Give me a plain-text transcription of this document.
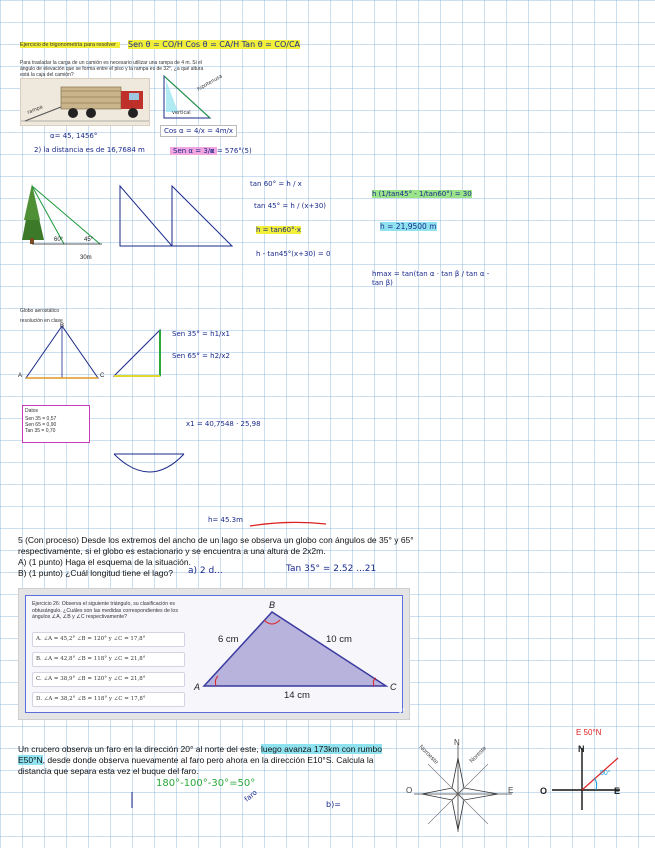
Ejercicio de trigonometría para resolver	Sen θ = CO/H Cos θ = CA/H Tan θ = CO/CA
Para trasladar la carga de un camión es necesario utilizar una rampa de 4 m. Si el ángulo de elevación que se forma entre el piso y la rampa es de 32°, ¿a qué altura está la caja del camión?
rampa
hipotenusa
vertical
Cos α = 4/x = 4m/x
α= 45, 1456°
2) la distancia es de 16,7684 m	Sen α = 3/x
α = 576°(5)
60°	45°
30m
tan 60° = h / x
tan 45° = h / (x+30)
h = tan60°·x
h - tan45°(x+30) = 0
h (1/tan45° - 1/tan60°) = 30
h = 21,9500 m
hmax = tan(tan α · tan β / tan α - tan β)
Globo aerostático
resolución en clase
A
B
C
Sen 35° = h1/x1
Sen 65° = h2/x2
Datos
Sen 35 = 0,57
Sen 65 = 0,90
Tan 35 = 0,70
x1 = 40,7548 · 25,98
h= 45.3m
5 (Con proceso) Desde los extremos del ancho de un lago se observa un globo con ángulos de 35° y 65°
respectivamente, si el globo es estacionario y se encuentra a una altura de 2x2m.
A) (1 punto) Haga el esquema de la situación.
B) (1 punto) ¿Cuál longitud tiene el lago? a) 2 d...	Tan 35° = 2.52 ...21
Ejercicio 26: Observa el siguiente triángulo, su clasificación es obtusángulo. ¿Cuáles son las medidas correspondientes de los ángulos ∠A, ∠B y ∠C respectivamente?
A. ∠A = 45,2° ∠B = 120° y ∠C = 17,8°
B. ∠A = 42,8° ∠B = 118° y ∠C = 21,8°
C. ∠A = 38,9° ∠B = 120° y ∠C = 21,8°
D. ∠A = 38,2° ∠B = 118° y ∠C = 17,8°
B
A	C
6 cm	10 cm
14 cm
⤢
Un crucero observa un faro en la dirección 20° al norte del este, luego avanza 173km con rumbo
E50°N, desde donde observa nuevamente al faro pero ahora en la dirección E10°S. Calcula la
distancia que separa esta vez el buque del faro.
180°-100°-30°=50°
faro
b)=
N
O	E
Noreste
Noroeste
E 50°N
N
O	E
50°
